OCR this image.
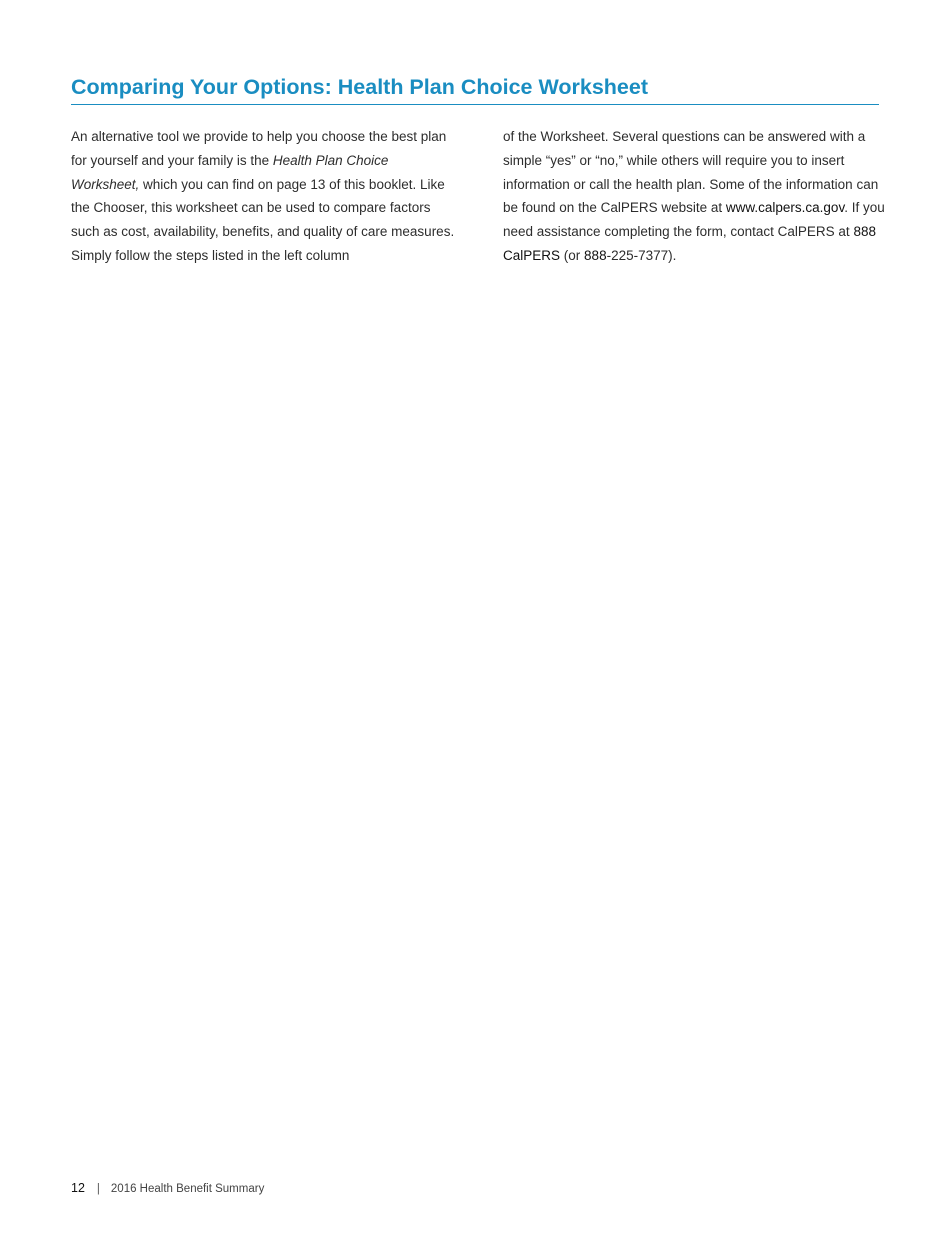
Comparing Your Options: Health Plan Choice Worksheet
An alternative tool we provide to help you choose the best plan for yourself and your family is the Health Plan Choice Worksheet, which you can find on page 13 of this booklet. Like the Chooser, this worksheet can be used to compare factors such as cost, availability, benefits, and quality of care measures. Simply follow the steps listed in the left column
of the Worksheet. Several questions can be answered with a simple “yes” or “no,” while others will require you to insert information or call the health plan. Some of the information can be found on the CalPERS website at www.calpers.ca.gov. If you need assistance completing the form, contact CalPERS at 888 CalPERS (or 888-225-7377).
12 | 2016 Health Benefit Summary
